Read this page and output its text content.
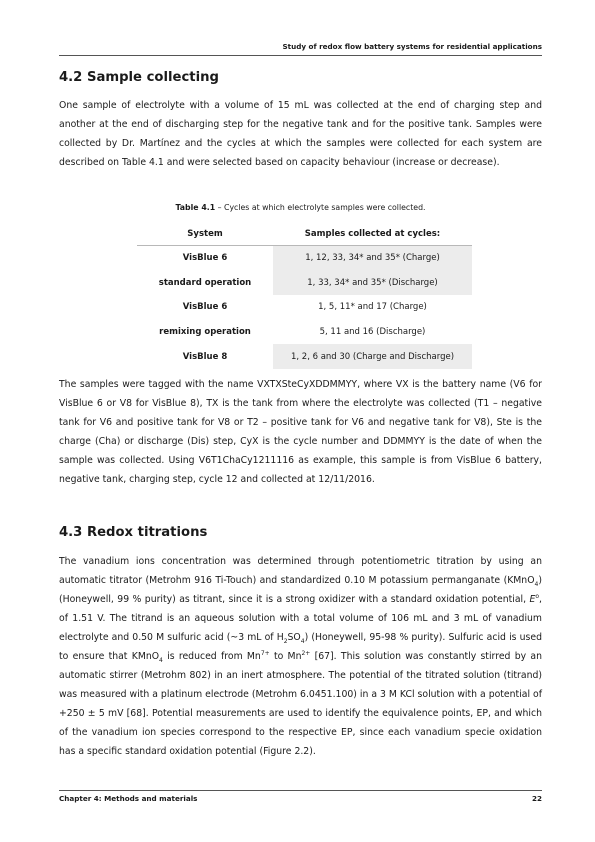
Study of redox flow battery systems for residential applications
4.2 Sample collecting
One sample of electrolyte with a volume of 15 mL was collected at the end of charging step and another at the end of discharging step for the negative tank and for the positive tank. Samples were collected by Dr. Martínez and the cycles at which the samples were collected for each system are described on Table 4.1 and were selected based on capacity behaviour (increase or decrease).
Table 4.1 – Cycles at which electrolyte samples were collected.
System	Samples collected at cycles:
VisBlue 6	1, 12, 33, 34* and 35* (Charge)
standard operation	1, 33, 34* and 35* (Discharge)
VisBlue 6	1, 5, 11* and 17 (Charge)
remixing operation	5, 11 and 16 (Discharge)
VisBlue 8	1, 2, 6 and 30 (Charge and Discharge)
The samples were tagged with the name VXTXSteCyXDDMMYY, where VX is the battery name (V6 for VisBlue 6 or V8 for VisBlue 8), TX is the tank from where the electrolyte was collected (T1 – negative tank for V6 and positive tank for V8 or T2 – positive tank for V6 and negative tank for V8), Ste is the charge (Cha) or discharge (Dis) step, CyX is the cycle number and DDMMYY is the date of when the sample was collected. Using V6T1ChaCy1211116 as example, this sample is from VisBlue 6 battery, negative tank, charging step, cycle 12 and collected at 12/11/2016.
4.3 Redox titrations
The vanadium ions concentration was determined through potentiometric titration by using an automatic titrator (Metrohm 916 Ti-Touch) and standardized 0.10 M potassium permanganate (KMnO$_4$) (Honeywell, 99 % purity) as titrant, since it is a strong oxidizer with a standard oxidation potential, $E^o$, of 1.51 V. The titrand is an aqueous solution with a total volume of 106 mL and 3 mL of vanadium electrolyte and 0.50 M sulfuric acid (~3 mL of $H_2SO_4$) (Honeywell, 95-98 % purity). Sulfuric acid is used to ensure that KMnO$_4$ is reduced from $Mn^{7+}$ to $Mn^{2+}$ [67]. This solution was constantly stirred by an automatic stirrer (Metrohm 802) in an inert atmosphere. The potential of the titrated solution (titrand) was measured with a platinum electrode (Metrohm 6.0451.100) in a 3 M KCl solution with a potential of +250 ± 5 mV [68]. Potential measurements are used to identify the equivalence points, EP, and which of the vanadium ion species correspond to the respective EP, since each vanadium specie oxidation has a specific standard oxidation potential (Figure 2.2).
Chapter 4: Methods and materials	22
